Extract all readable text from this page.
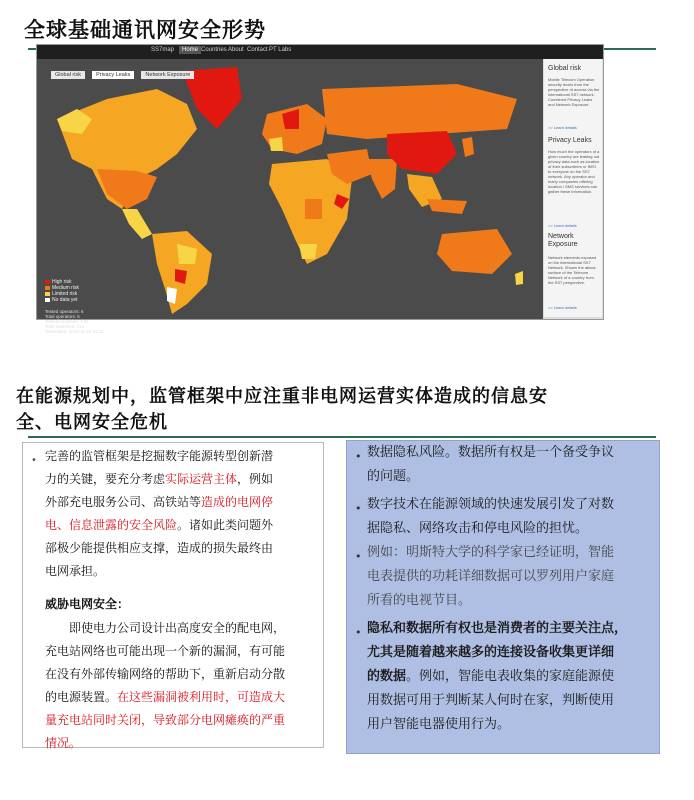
全球基础通讯网安全形势
SS7map	Home Countries About Contact PT Labs
Global risk	Privacy Leaks	Network Exposure
High risk
Medium risk
Limited risk
No data yet
Tested operators: 6
Total operators: 6
Tested countries: 148
Total countries: 214
Generated: 2016-11-24 20:11
Global risk

Mobile Telecom Operation security levels from the perspective of access via the international SS7 network. Combined Privacy Leaks and Network Exposure.

>> Learn details
Privacy Leaks

How much the operators of a given country are leaking out privacy data such as location of their subscribers or IMSI to everyone on the SS7 network. Any operator and many companies offering location / SMS services can gather these information.

>> Learn details
Network Exposure

Network elements exposed on the international SS7 Network. Shown the attack surface of the Telecom Network of a country from the SS7 perspective.

>> Learn details
在能源规划中，监管框架中应注重非电网运营实体造成的信息安
全、电网安全危机
• 完善的监管框架是挖掘数字能源转型创新潜
力的关键，要充分考虑实际运营主体，例如
外部充电服务公司、高铁站等造成的电网停
电、信息泄露的安全风险。诸如此类问题外
部极少能提供相应支撑，造成的损失最终由
电网承担。
威胁电网安全：
即使电力公司设计出高度安全的配电网，
充电站网络也可能出现一个新的漏洞，有可能
在没有外部传输网络的帮助下，重新启动分散
的电源装置。在这些漏洞被利用时，可造成大
量充电站同时关闭，导致部分电网瘫痪的严重
情况。
• 数据隐私风险。数据所有权是一个备受争议
的问题。
• 数字技术在能源领域的快速发展引发了对数
据隐私、网络攻击和停电风险的担忧。
• 例如：明斯特大学的科学家已经证明，智能
电表提供的功耗详细数据可以罗列用户家庭
所看的电视节目。
• 隐私和数据所有权也是消费者的主要关注点，
尤其是随着越来越多的连接设备收集更详细
的数据。例如，智能电表收集的家庭能源使
用数据可用于判断某人何时在家，判断使用
用户智能电器使用行为。
